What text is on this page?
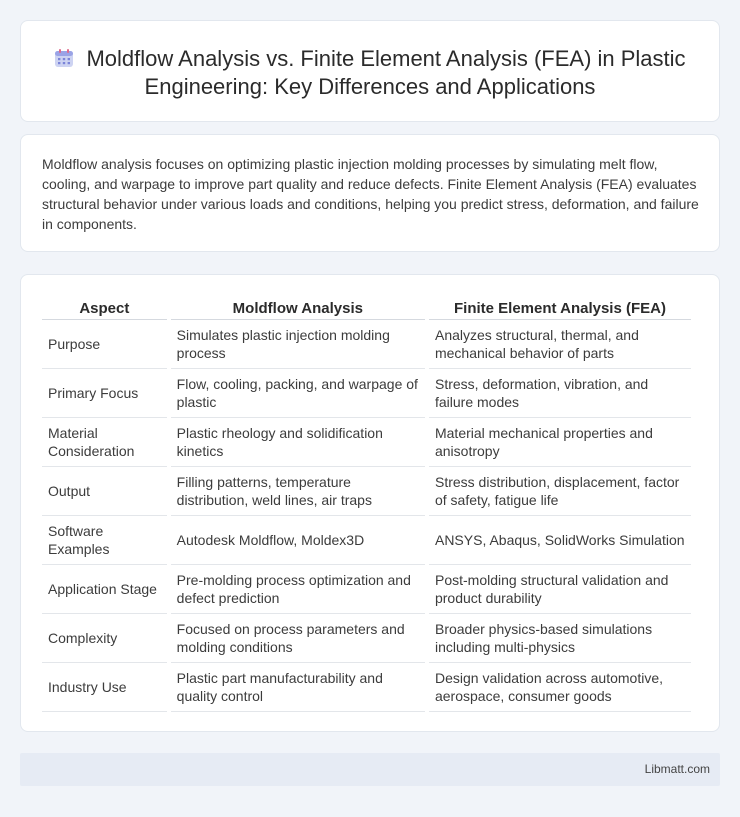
Moldflow Analysis vs. Finite Element Analysis (FEA) in Plastic Engineering: Key Differences and Applications

Moldflow analysis focuses on optimizing plastic injection molding processes by simulating melt flow, cooling, and warpage to improve part quality and reduce defects. Finite Element Analysis (FEA) evaluates structural behavior under various loads and conditions, helping you predict stress, deformation, and failure in components.

Aspect	Moldflow Analysis	Finite Element Analysis (FEA)
Purpose	Simulates plastic injection molding process	Analyzes structural, thermal, and mechanical behavior of parts
Primary Focus	Flow, cooling, packing, and warpage of plastic	Stress, deformation, vibration, and failure modes
Material Consideration	Plastic rheology and solidification kinetics	Material mechanical properties and anisotropy
Output	Filling patterns, temperature distribution, weld lines, air traps	Stress distribution, displacement, factor of safety, fatigue life
Software Examples	Autodesk Moldflow, Moldex3D	ANSYS, Abaqus, SolidWorks Simulation
Application Stage	Pre-molding process optimization and defect prediction	Post-molding structural validation and product durability
Complexity	Focused on process parameters and molding conditions	Broader physics-based simulations including multi-physics
Industry Use	Plastic part manufacturability and quality control	Design validation across automotive, aerospace, consumer goods
Libmatt.com
